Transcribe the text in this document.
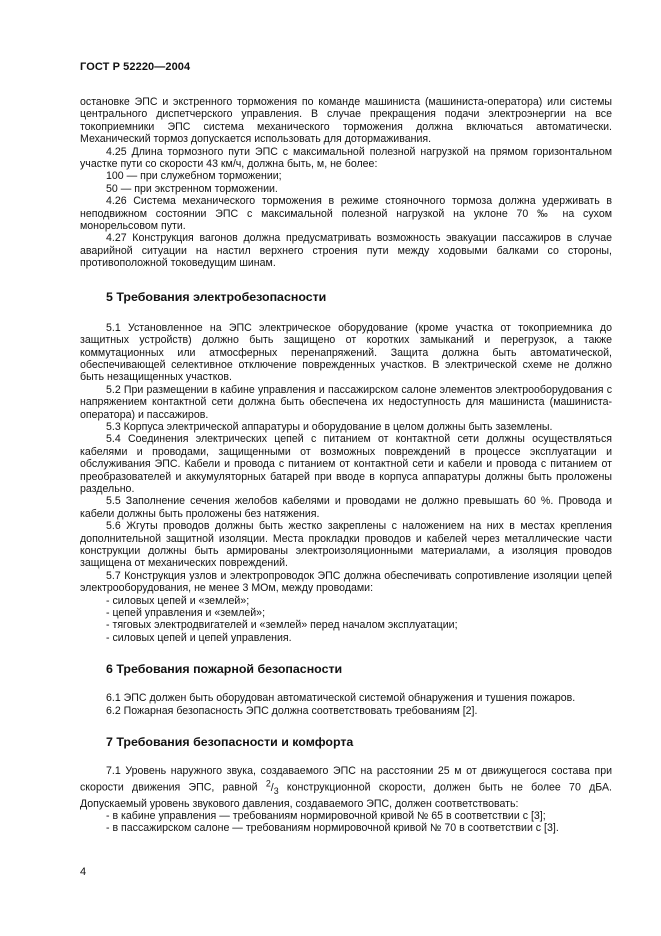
ГОСТ Р 52220—2004

остановке ЭПС и экстренного торможения по команде машиниста (машиниста-оператора) или системы центрального диспетчерского управления. В случае прекращения подачи электроэнергии на все токоприемники ЭПС система механического торможения должна включаться автоматически. Механический тормоз допускается использовать для дотормаживания.

4.25 Длина тормозного пути ЭПС с максимальной полезной нагрузкой на прямом горизонтальном участке пути со скорости 43 км/ч, должна быть, м, не более:

100 — при служебном торможении;

50 — при экстренном торможении.

4.26 Система механического торможения в режиме стояночного тормоза должна удерживать в неподвижном состоянии ЭПС с максимальной полезной нагрузкой на уклоне 70 ‰ на сухом монорельсовом пути.

4.27 Конструкция вагонов должна предусматривать возможность эвакуации пассажиров в случае аварийной ситуации на настил верхнего строения пути между ходовыми балками со стороны, противоположной токоведущим шинам.

5 Требования электробезопасности

5.1 Установленное на ЭПС электрическое оборудование (кроме участка от токоприемника до защитных устройств) должно быть защищено от коротких замыканий и перегрузок, а также коммутационных или атмосферных перенапряжений. Защита должна быть автоматической, обеспечивающей селективное отключение поврежденных участков. В электрической схеме не должно быть незащищенных участков.

5.2 При размещении в кабине управления и пассажирском салоне элементов электрооборудования с напряжением контактной сети должна быть обеспечена их недоступность для машиниста (машиниста-оператора) и пассажиров.

5.3 Корпуса электрической аппаратуры и оборудование в целом должны быть заземлены.

5.4 Соединения электрических цепей с питанием от контактной сети должны осуществляться кабелями и проводами, защищенными от возможных повреждений в процессе эксплуатации и обслуживания ЭПС. Кабели и провода с питанием от контактной сети и кабели и провода с питанием от преобразователей и аккумуляторных батарей при вводе в корпуса аппаратуры должны быть проложены раздельно.

5.5 Заполнение сечения желобов кабелями и проводами не должно превышать 60 %. Провода и кабели должны быть проложены без натяжения.

5.6 Жгуты проводов должны быть жестко закреплены с наложением на них в местах крепления дополнительной защитной изоляции. Места прокладки проводов и кабелей через металлические части конструкции должны быть армированы электроизоляционными материалами, а изоляция проводов защищена от механических повреждений.

5.7 Конструкция узлов и электропроводок ЭПС должна обеспечивать сопротивление изоляции цепей электрооборудования, не менее 3 МОм, между проводами:

- силовых цепей и «землей»;

- цепей управления и «землей»;

- тяговых электродвигателей и «землей» перед началом эксплуатации;

- силовых цепей и цепей управления.

6 Требования пожарной безопасности

6.1 ЭПС должен быть оборудован автоматической системой обнаружения и тушения пожаров.

6.2 Пожарная безопасность ЭПС должна соответствовать требованиям [2].

7 Требования безопасности и комфорта

7.1 Уровень наружного звука, создаваемого ЭПС на расстоянии 25 м от движущегося состава при скорости движения ЭПС, равной $^2/_3$ конструкционной скорости, должен быть не более 70 дБА. Допускаемый уровень звукового давления, создаваемого ЭПС, должен соответствовать:

- в кабине управления — требованиям нормировочной кривой № 65 в соответствии с [3];

- в пассажирском салоне — требованиям нормировочной кривой № 70 в соответствии с [3].

4
